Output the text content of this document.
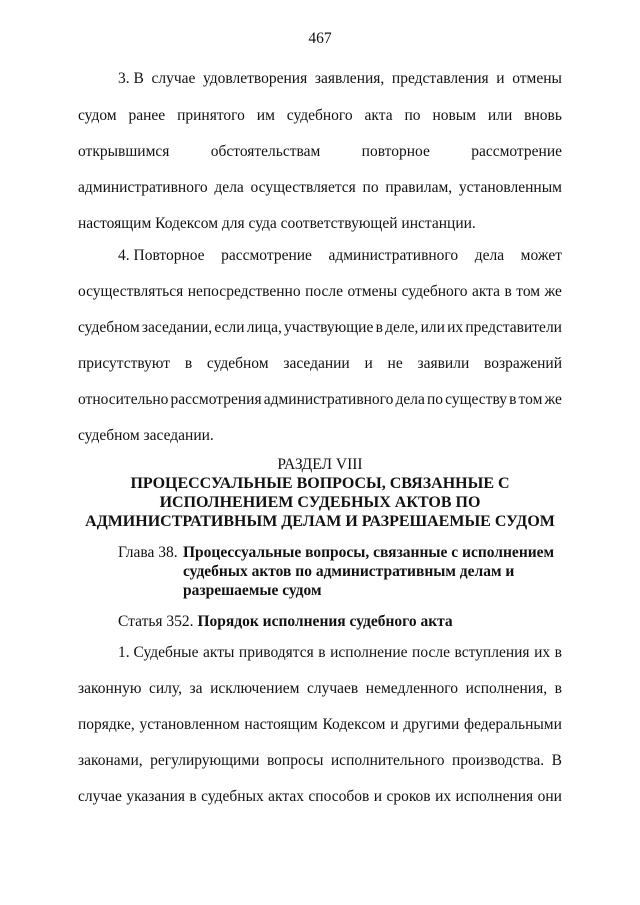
467
3. В случае удовлетворения заявления, представления и отмены
судом ранее принятого им судебного акта по новым или вновь
открывшимся	обстоятельствам	повторное	рассмотрение
административного дела осуществляется по правилам, установленным
настоящим Кодексом для суда соответствующей инстанции.
4. Повторное рассмотрение административного дела может
осуществляться непосредственно после отмены судебного акта в том же
судебном заседании, если лица, участвующие в деле, или их представители
присутствуют в судебном заседании и не заявили возражений
относительно рассмотрения административного дела по существу в том же
судебном заседании.
РАЗДЕЛ VIII
ПРОЦЕССУАЛЬНЫЕ ВОПРОСЫ, СВЯЗАННЫЕ С
ИСПОЛНЕНИЕМ СУДЕБНЫХ АКТОВ ПО
АДМИНИСТРАТИВНЫМ ДЕЛАМ И РАЗРЕШАЕМЫЕ СУДОМ
Глава 38. Процессуальные вопросы, связанные с исполнением
судебных актов по административным делам и
разрешаемые судом
Статья 352. Порядок исполнения судебного акта
1. Судебные акты приводятся в исполнение после вступления их в
законную силу, за исключением случаев немедленного исполнения, в
порядке, установленном настоящим Кодексом и другими федеральными
законами, регулирующими вопросы исполнительного производства. В
случае указания в судебных актах способов и сроков их исполнения они
